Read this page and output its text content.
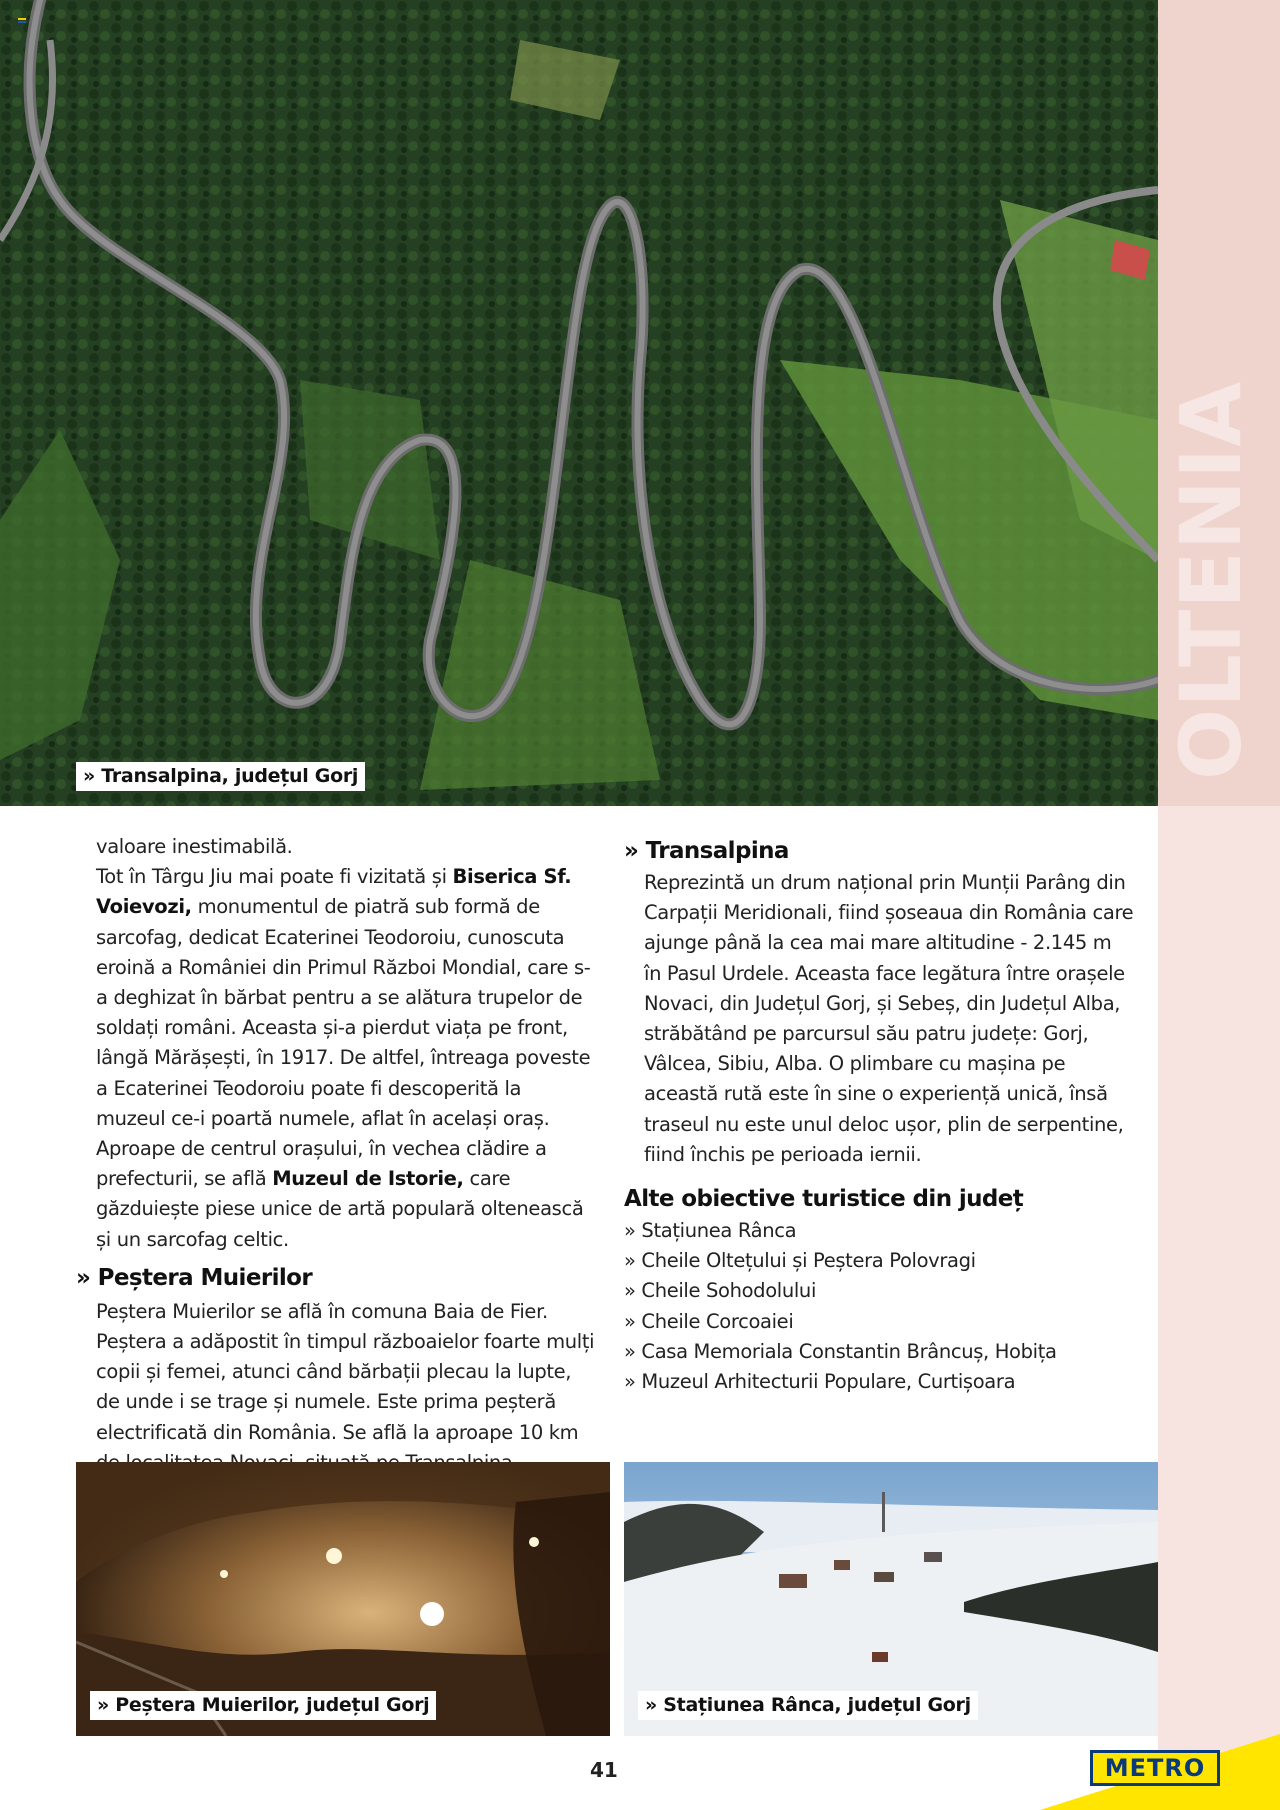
OLTENIA
» Transalpina, județul Gorj

valoare inestimabilă.

Tot în Târgu Jiu mai poate fi vizitată și Biserica Sf. Voievozi, monumentul de piatră sub formă de sarcofag, dedicat Ecaterinei Teodoroiu, cunoscuta eroină a României din Primul Război Mondial, care s-a deghizat în bărbat pentru a se alătura trupelor de soldați români. Aceasta și-a pierdut viața pe front, lângă Mărășești, în 1917. De altfel, întreaga poveste a Ecaterinei Teodoroiu poate fi descoperită la muzeul ce-i poartă numele, aflat în același oraș. Aproape de centrul orașului, în vechea clădire a prefecturii, se află Muzeul de Istorie, care găzduiește piese unice de artă populară oltenească și un sarcofag celtic.

» Peștera Muierilor

Peștera Muierilor se află în comuna Baia de Fier. Peștera a adăpostit în timpul războaielor foarte mulți copii și femei, atunci când bărbații plecau la lupte, de unde i se trage și numele. Este prima peșteră electrificată din România. Se află la aproape 10 km

» Transalpina

Reprezintă un drum național prin Munții Parâng din Carpații Meridionali, fiind șoseaua din România care ajunge până la cea mai mare altitudine - 2.145 m în Pasul Urdele. Aceasta face legătura între orașele Novaci, din Județul Gorj, și Sebeș, din Județul Alba, străbătând pe parcursul său patru județe: Gorj, Vâlcea, Sibiu, Alba. O plimbare cu mașina pe această rută este în sine o experiență unică, însă traseul nu este unul deloc ușor, plin de serpentine, fiind închis pe perioada iernii.

Alte obiective turistice din județ
» Stațiunea Rânca
» Cheile Oltețului și Peștera Polovragi
» Cheile Sohodolului
» Cheile Corcoaiei
» Casa Memoriala Constantin Brâncuș, Hobița
» Muzeul Arhitecturii Populare, Curtișoara
» Peștera Muierilor, județul Gorj	» Stațiunea Rânca, județul Gorj
41	METRO
